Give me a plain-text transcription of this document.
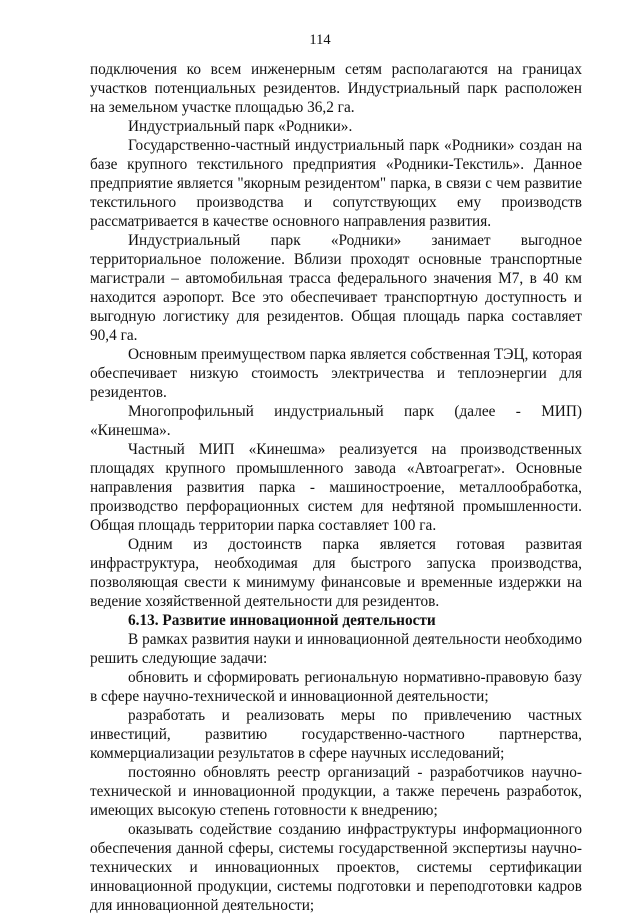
114

подключения ко всем инженерным сетям располагаются на границах участков потенциальных резидентов. Индустриальный парк расположен на земельном участке площадью 36,2 га.

Индустриальный парк «Родники».

Государственно-частный индустриальный парк «Родники» создан на базе крупного текстильного предприятия «Родники-Текстиль». Данное предприятие является "якорным резидентом" парка, в связи с чем развитие текстильного производства и сопутствующих ему производств рассматривается в качестве основного направления развития.

Индустриальный парк «Родники» занимает выгодное территориальное положение. Вблизи проходят основные транспортные магистрали – автомобильная трасса федерального значения М7, в 40 км находится аэропорт. Все это обеспечивает транспортную доступность и выгодную логистику для резидентов. Общая площадь парка составляет 90,4 га.

Основным преимуществом парка является собственная ТЭЦ, которая обеспечивает низкую стоимость электричества и теплоэнергии для резидентов.

Многопрофильный индустриальный парк (далее - МИП) «Кинешма».

Частный МИП «Кинешма» реализуется на производственных площадях крупного промышленного завода «Автоагрегат». Основные направления развития парка - машиностроение, металлообработка, производство перфорационных систем для нефтяной промышленности. Общая площадь территории парка составляет 100 га.

Одним из достоинств парка является готовая развитая инфраструктура, необходимая для быстрого запуска производства, позволяющая свести к минимуму финансовые и временные издержки на ведение хозяйственной деятельности для резидентов.

6.13. Развитие инновационной деятельности

В рамках развития науки и инновационной деятельности необходимо решить следующие задачи:

обновить и сформировать региональную нормативно-правовую базу в сфере научно-технической и инновационной деятельности;

разработать и реализовать меры по привлечению частных инвестиций, развитию государственно-частного партнерства, коммерциализации результатов в сфере научных исследований;

постоянно обновлять реестр организаций - разработчиков научно-технической и инновационной продукции, а также перечень разработок, имеющих высокую степень готовности к внедрению;

оказывать содействие созданию инфраструктуры информационного обеспечения данной сферы, системы государственной экспертизы научно-технических и инновационных проектов, системы сертификации инновационной продукции, системы подготовки и переподготовки кадров для инновационной деятельности;
